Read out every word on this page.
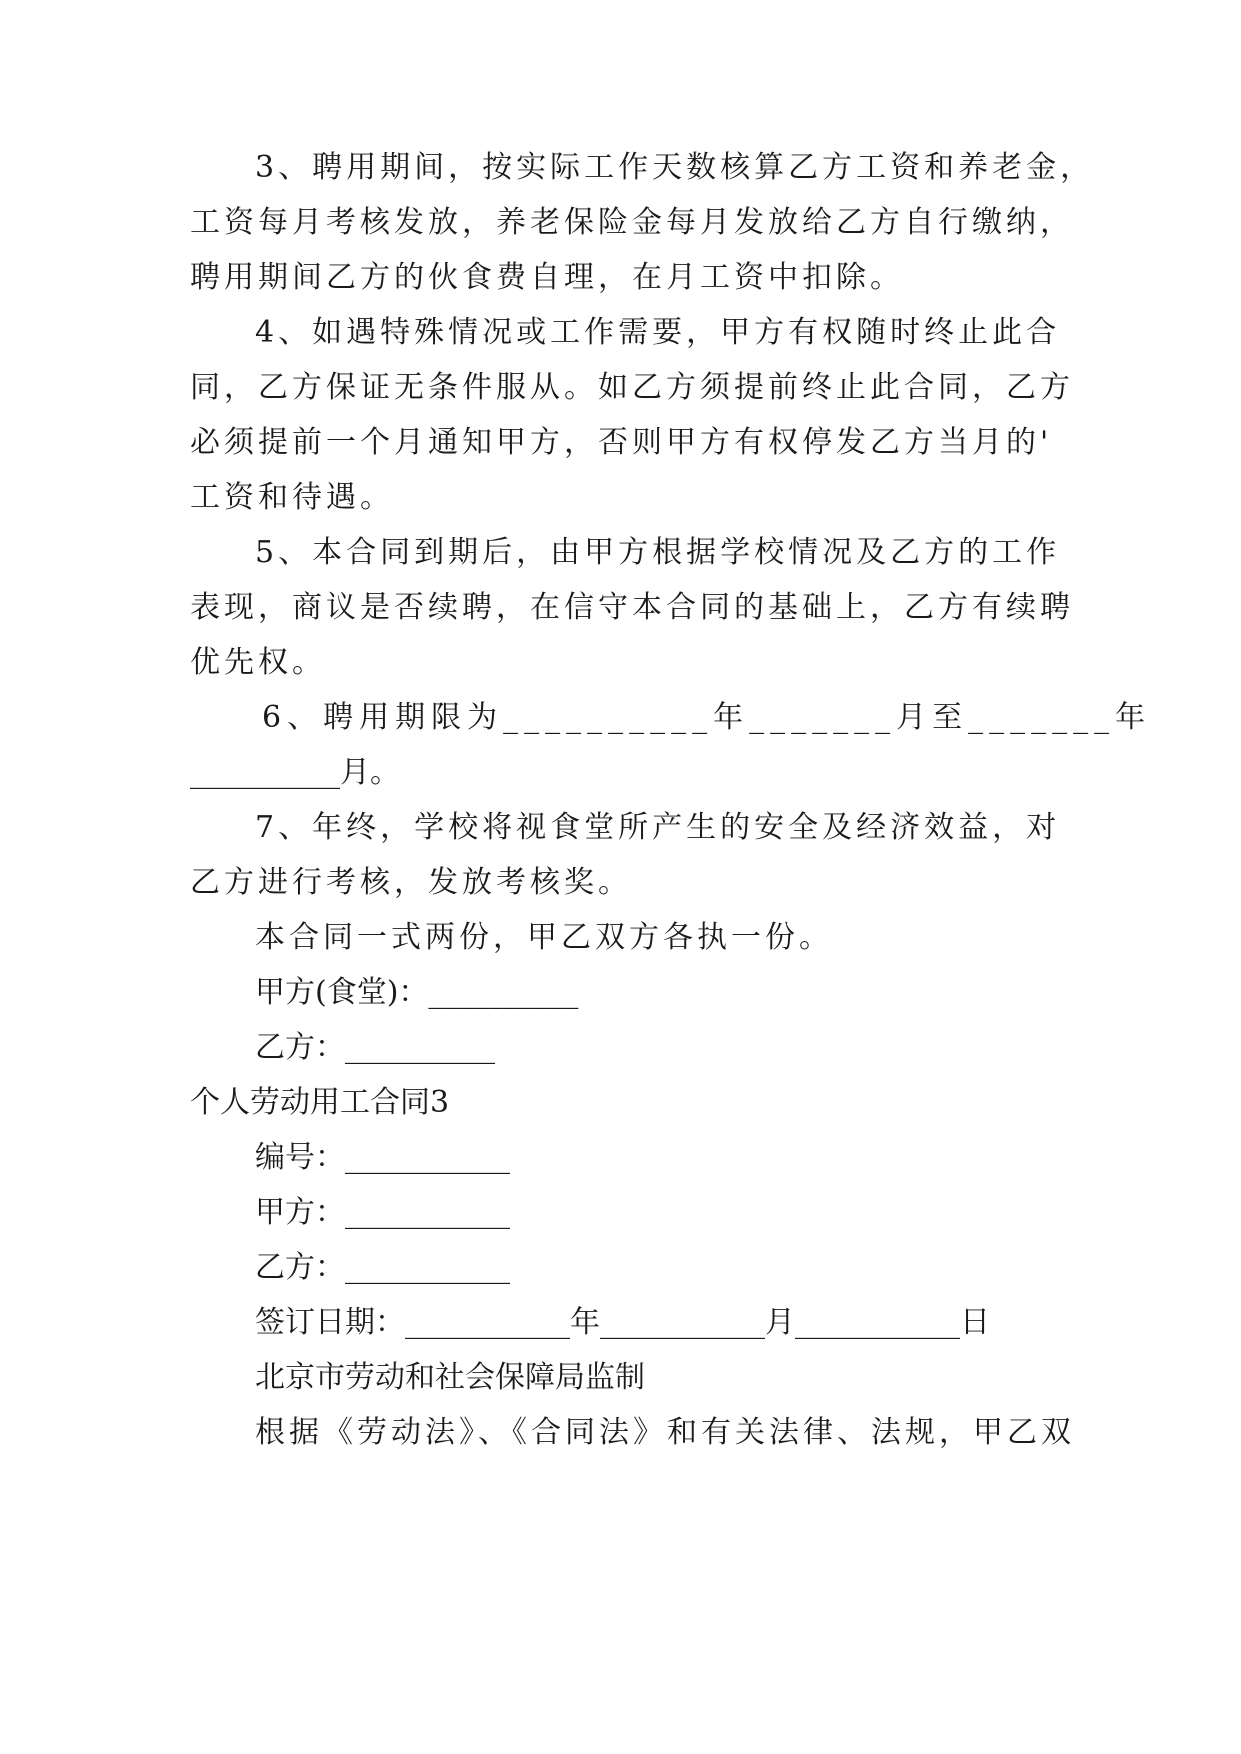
3、聘用期间，按实际工作天数核算乙方工资和养老金，
工资每月考核发放，养老保险金每月发放给乙方自行缴纳，
聘用期间乙方的伙食费自理，在月工资中扣除。
4、如遇特殊情况或工作需要，甲方有权随时终止此合
同，乙方保证无条件服从。如乙方须提前终止此合同，乙方
必须提前一个月通知甲方，否则甲方有权停发乙方当月的'
工资和待遇。
5、本合同到期后，由甲方根据学校情况及乙方的工作
表现，商议是否续聘，在信守本合同的基础上，乙方有续聘
优先权。
6、聘用期限为__________年_______月至_______年
__________月。
7、年终，学校将视食堂所产生的安全及经济效益，对
乙方进行考核，发放考核奖。
本合同一式两份，甲乙双方各执一份。
甲方(食堂)：__________
乙方：__________
个人劳动用工合同3
编号：___________
甲方：___________
乙方：___________
签订日期：___________年___________月___________日
北京市劳动和社会保障局监制
根据《劳动法》、《合同法》和有关法律、法规，甲乙双
